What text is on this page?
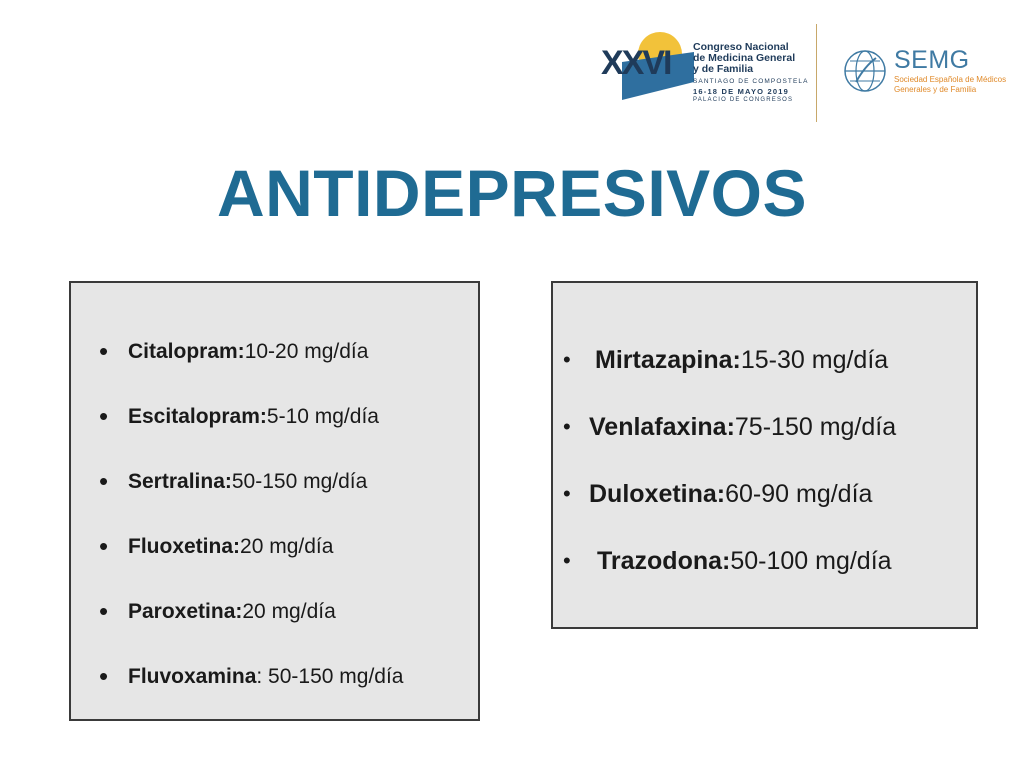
XXVI Congreso Nacional
de Medicina General
y de Familia
SANTIAGO DE COMPOSTELA
16-18 DE MAYO 2019
PALACIO DE CONGRESOS
SEMG
Sociedad Española de Médicos
Generales y de Familia
ANTIDEPRESIVOS
• Citalopram: 10-20 mg/día
• Escitalopram: 5-10 mg/día
• Sertralina: 50-150 mg/día
• Fluoxetina: 20 mg/día
• Paroxetina: 20 mg/día
• Fluvoxamina : 50-150 mg/día
• Mirtazapina: 15-30 mg/día
• Venlafaxina: 75-150 mg/día
• Duloxetina: 60-90 mg/día
•	Trazodona: 50-100 mg/día
